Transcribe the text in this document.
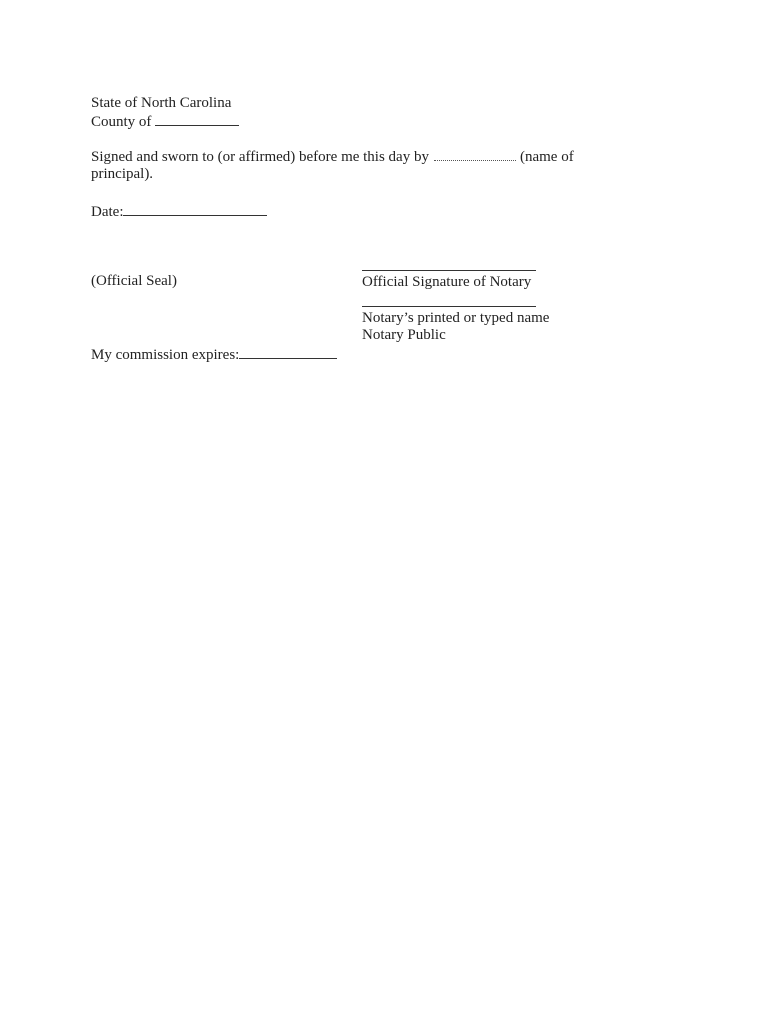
State of North Carolina
County of
Signed and sworn to (or affirmed) before me this day by	(name of
principal).
Date:
(Official Seal)	Official Signature of Notary
Notary’s printed or typed name
Notary Public
My commission expires:
